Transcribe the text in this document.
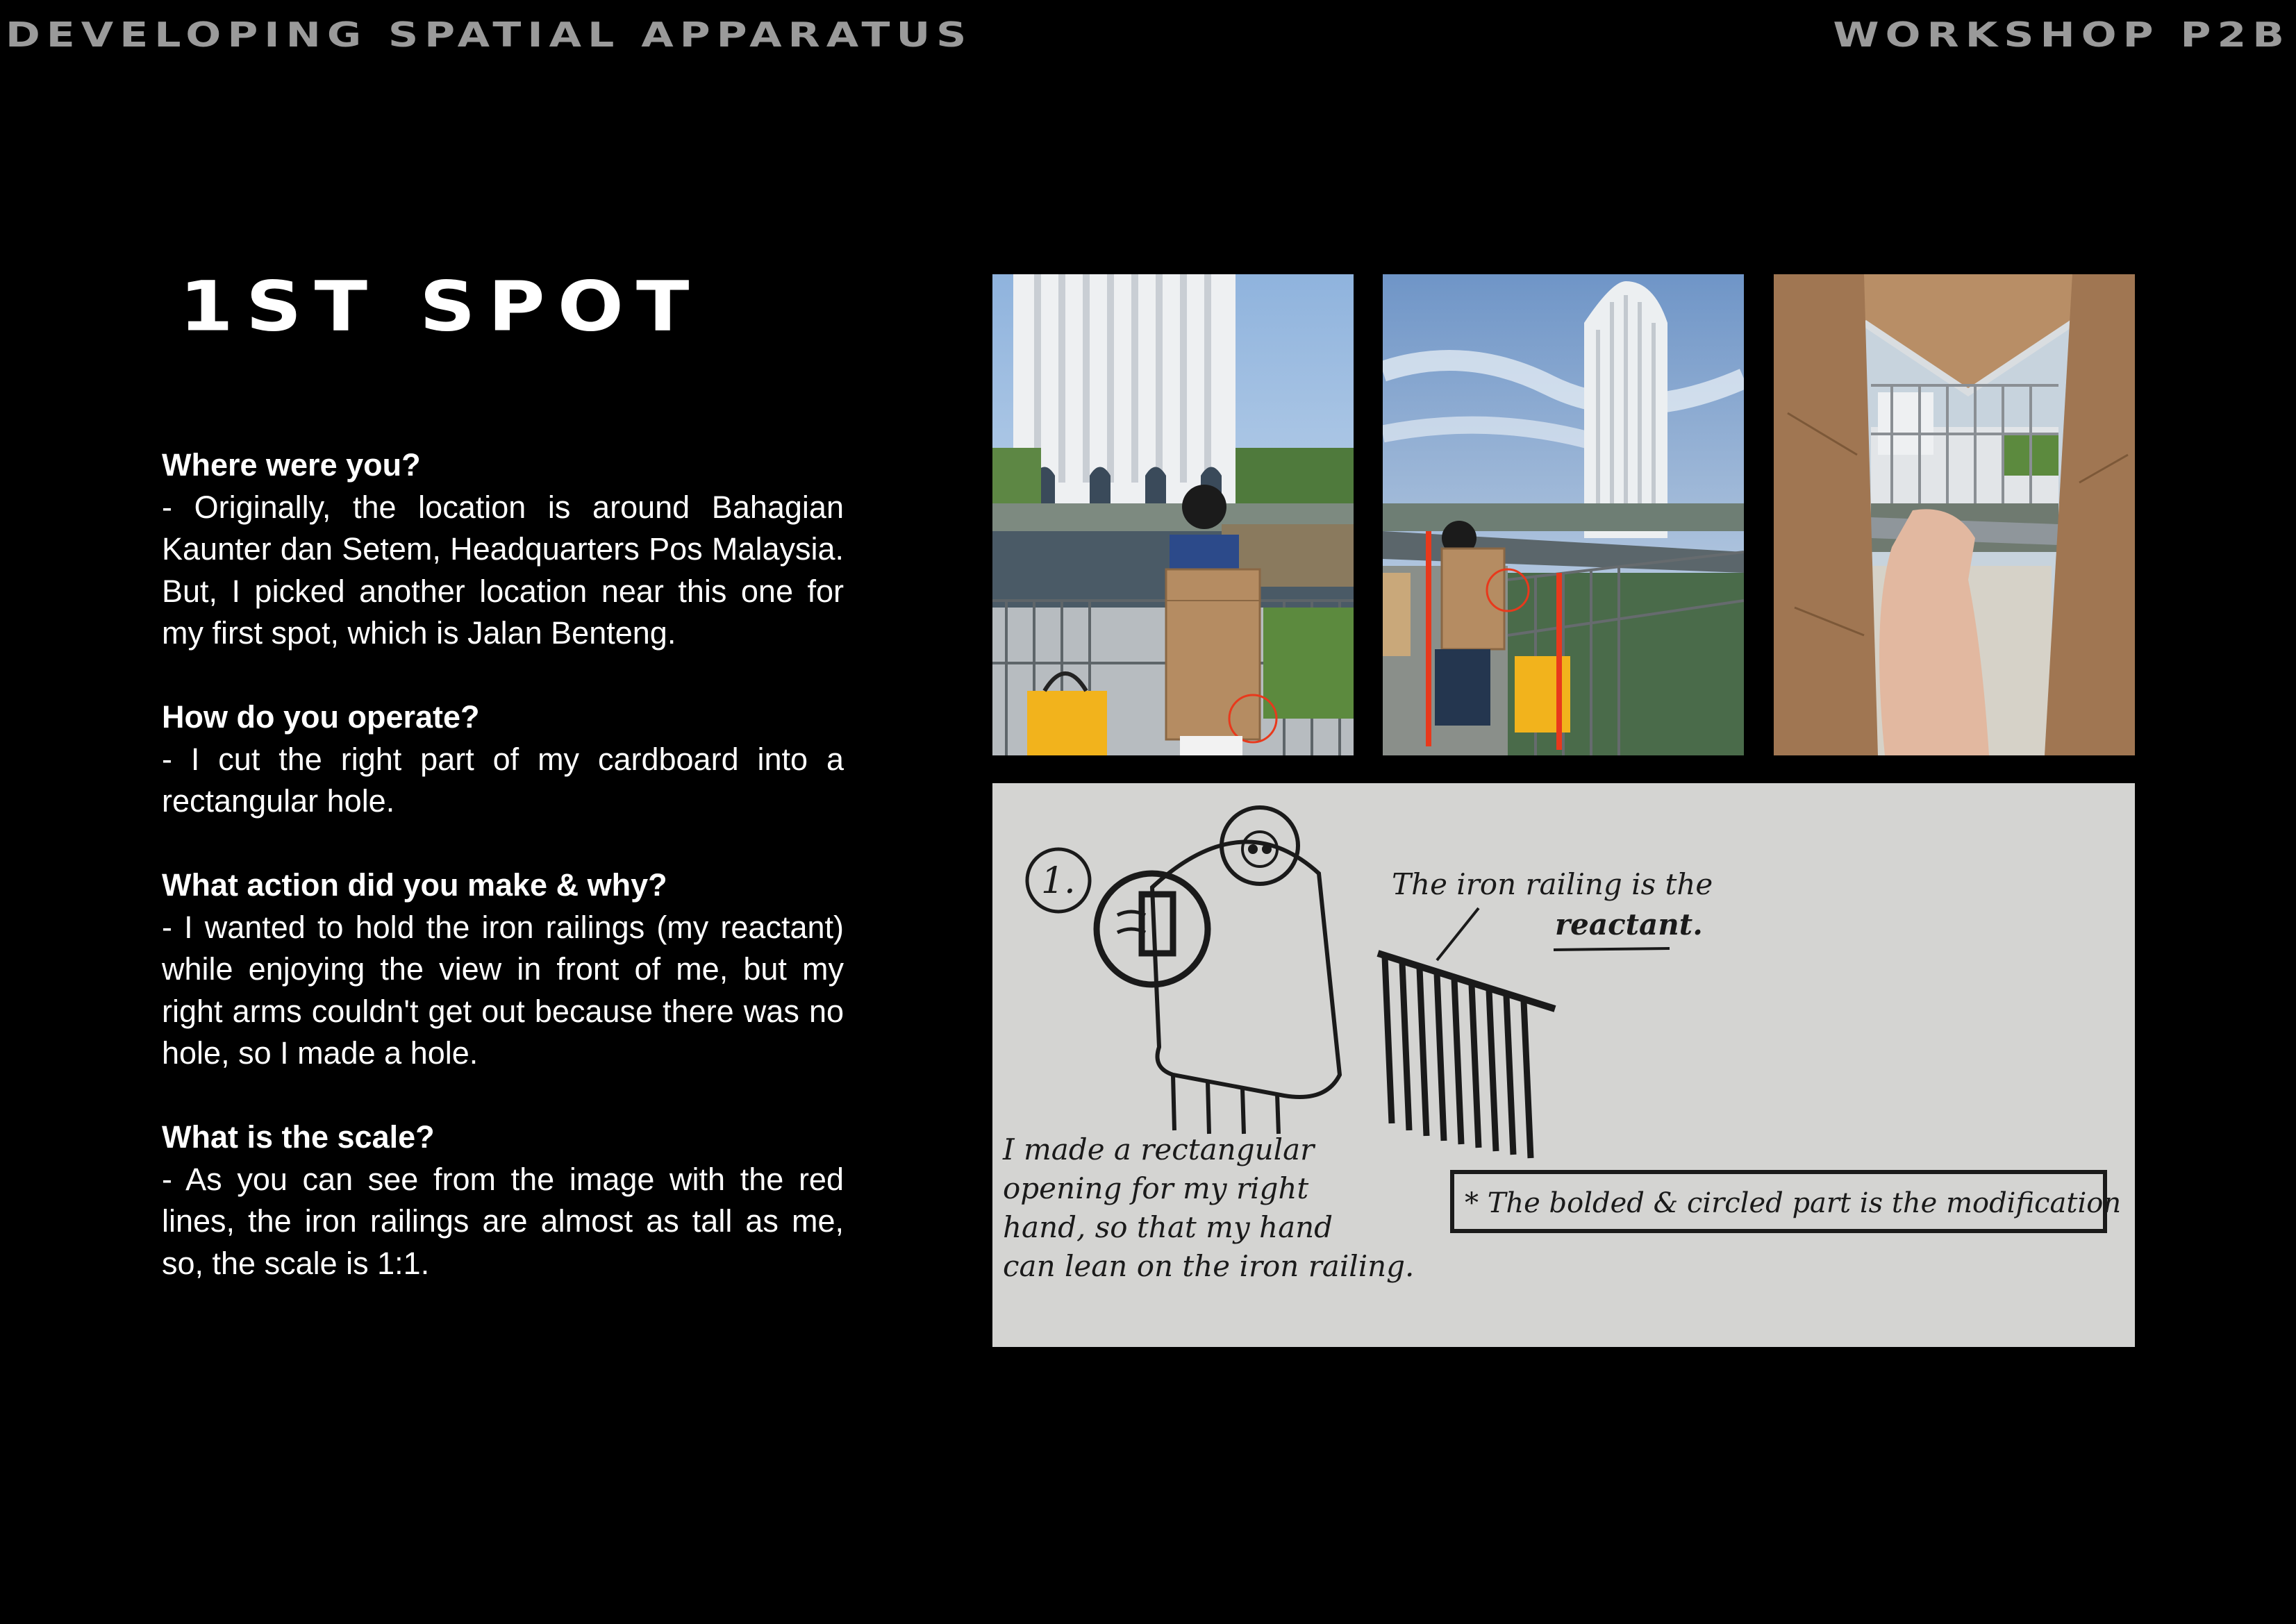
DEVELOPING SPATIAL APPARATUS	WORKSHOP P2B
1ST SPOT
Where were you?
- Originally, the location is around Bahagian Kaunter dan Setem, Headquarters Pos Malaysia. But, I picked another location near this one for my first spot, which is Jalan Benteng.
How do you operate?
- I cut the right part of my cardboard into a rectangular hole.
What action did you make & why?
- I wanted to hold the iron railings (my reactant) while enjoying the view in front of me, but my right arms couldn't get out because there was no hole, so I made a hole.
What is the scale?
- As you can see from the image with the red lines, the iron railings are almost as tall as me, so, the scale is 1:1.
1.	The iron railing is the
reactant.
I made a rectangular
opening for my right
hand, so that my hand
can lean on the iron railing.
* The bolded & circled part is the modification
